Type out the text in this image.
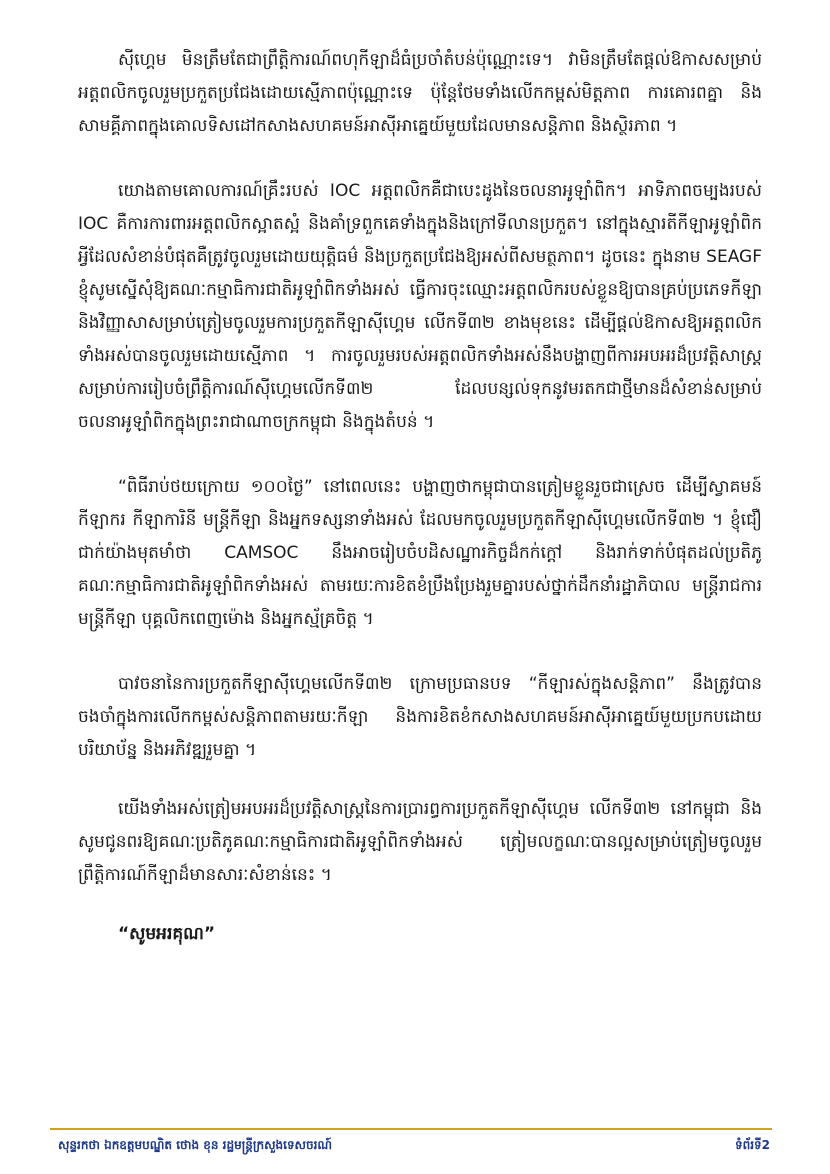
ស៊ីហ្គេម មិនត្រឹមតែជាព្រឹត្តិការណ៍ពហុកីឡាដ៏ធំប្រចាំតំបន់ប៉ុណ្ណោះទេ។ វាមិនត្រឹមតែផ្តល់ឱកាសសម្រាប់អត្តពលិកចូលរួមប្រកួតប្រជែងដោយស្មើភាពប៉ុណ្ណោះទេ ប៉ុន្តែថែមទាំងលើកកម្ពស់មិត្តភាព ការគោរពគ្នា និងសាមគ្គីភាពក្នុងគោលទិសដៅកសាងសហគមន៍អាស៊ីអាគ្នេយ៍មួយដែលមានសន្តិភាព និងស្ថិរភាព ។

យោងតាមគោលការណ៍គ្រឹះរបស់ IOC អត្តពលិកគឺជាបេះដូងនៃចលនាអូឡាំពិក។ អាទិភាពចម្បងរបស់ IOC គឺការការពារអត្តពលិកស្អាតស្អំ និងគាំទ្រពួកគេទាំងក្នុងនិងក្រៅទីលានប្រកួត។ នៅក្នុងស្មារតីកីឡាអូឡាំពិក អ្វីដែលសំខាន់បំផុតគឺត្រូវចូលរួមដោយយុត្តិធម៌ និងប្រកួតប្រជែងឱ្យអស់ពីសមត្ថភាព។ ដូចនេះ ក្នុងនាម SEAGF ខ្ញុំសូមស្នើសុំឱ្យគណៈកម្មាធិការជាតិអូឡាំពិកទាំងអស់ ធ្វើការចុះឈ្មោះអត្តពលិករបស់ខ្លួនឱ្យបានគ្រប់ប្រភេទកីឡានិងវិញ្ញាសាសម្រាប់ត្រៀមចូលរួមការប្រកួតកីឡាស៊ីហ្គេម លើកទី៣២ ខាងមុខនេះ ដើម្បីផ្តល់ឱកាសឱ្យអត្តពលិកទាំងអស់បានចូលរួមដោយស្មើភាព ។ ការចូលរួមរបស់អត្តពលិកទាំងអស់នឹងបង្ហាញពីការអបអរដ៏ប្រវត្តិសាស្ត្រសម្រាប់ការរៀបចំព្រឹត្តិការណ៍ស៊ីហ្គេមលើកទី៣២ ដែលបន្សល់ទុកនូវមរតកជាថ្មីមានដ៏សំខាន់សម្រាប់ចលនាអូឡាំពិកក្នុងព្រះរាជាណាចក្រកម្ពុជា និងក្នុងតំបន់ ។

“ពិធីរាប់ថយក្រោយ ១០០ថ្ងៃ” នៅពេលនេះ បង្ហាញថាកម្ពុជាបានត្រៀមខ្លួនរួចជាស្រេច ដើម្បីស្វាគមន៍កីឡាករ កីឡាការិនី មន្ត្រីកីឡា និងអ្នកទស្សនាទាំងអស់ ដែលមកចូលរួមប្រកួតកីឡាស៊ីហ្គេមលើកទី៣២ ។ ខ្ញុំជឿជាក់យ៉ាងមុតមាំថា CAMSOC នឹងអាចរៀបចំបដិសណ្ឋារកិច្ចដ៏កក់ក្តៅ និងរាក់ទាក់បំផុតដល់ប្រតិភូគណៈកម្មាធិការជាតិអូឡាំពិកទាំងអស់ តាមរយៈការខិតខំប្រឹងប្រែងរួមគ្នារបស់ថ្នាក់ដឹកនាំរដ្ឋាភិបាល មន្ត្រីរាជការ មន្ត្រីកីឡា បុគ្គលិកពេញម៉ោង និងអ្នកស្ម័គ្រចិត្ត ។

បាវចនានៃការប្រកួតកីឡាស៊ីហ្គេមលើកទី៣២ ក្រោមប្រធានបទ “កីឡារស់ក្នុងសន្តិភាព” នឹងត្រូវបានចងចាំក្នុងការលើកកម្ពស់សន្តិភាពតាមរយៈកីឡា និងការខិតខំកសាងសហគមន៍អាស៊ីអាគ្នេយ៍មួយប្រកបដោយបរិយាប័ន្ន និងអភិវឌ្ឍរួមគ្នា ។

យើងទាំងអស់ត្រៀមអបអរដ៏ប្រវត្តិសាស្ត្រនៃការប្រារព្ធការប្រកួតកីឡាស៊ីហ្គេម លើកទី៣២ នៅកម្ពុជា និងសូមជូនពរឱ្យគណៈប្រតិភូគណៈកម្មាធិការជាតិអូឡាំពិកទាំងអស់ ត្រៀមលក្ខណៈបានល្អសម្រាប់ត្រៀមចូលរួមព្រឹត្តិការណ៍កីឡាដ៏មានសារៈសំខាន់នេះ ។

“សូមអរគុណ”
សុន្ទរកថា ឯកឧត្តមបណ្ឌិត ថោង ខុន រដ្ឋមន្ត្រីក្រសួងទេសចរណ៍	ទំព័រទី2
